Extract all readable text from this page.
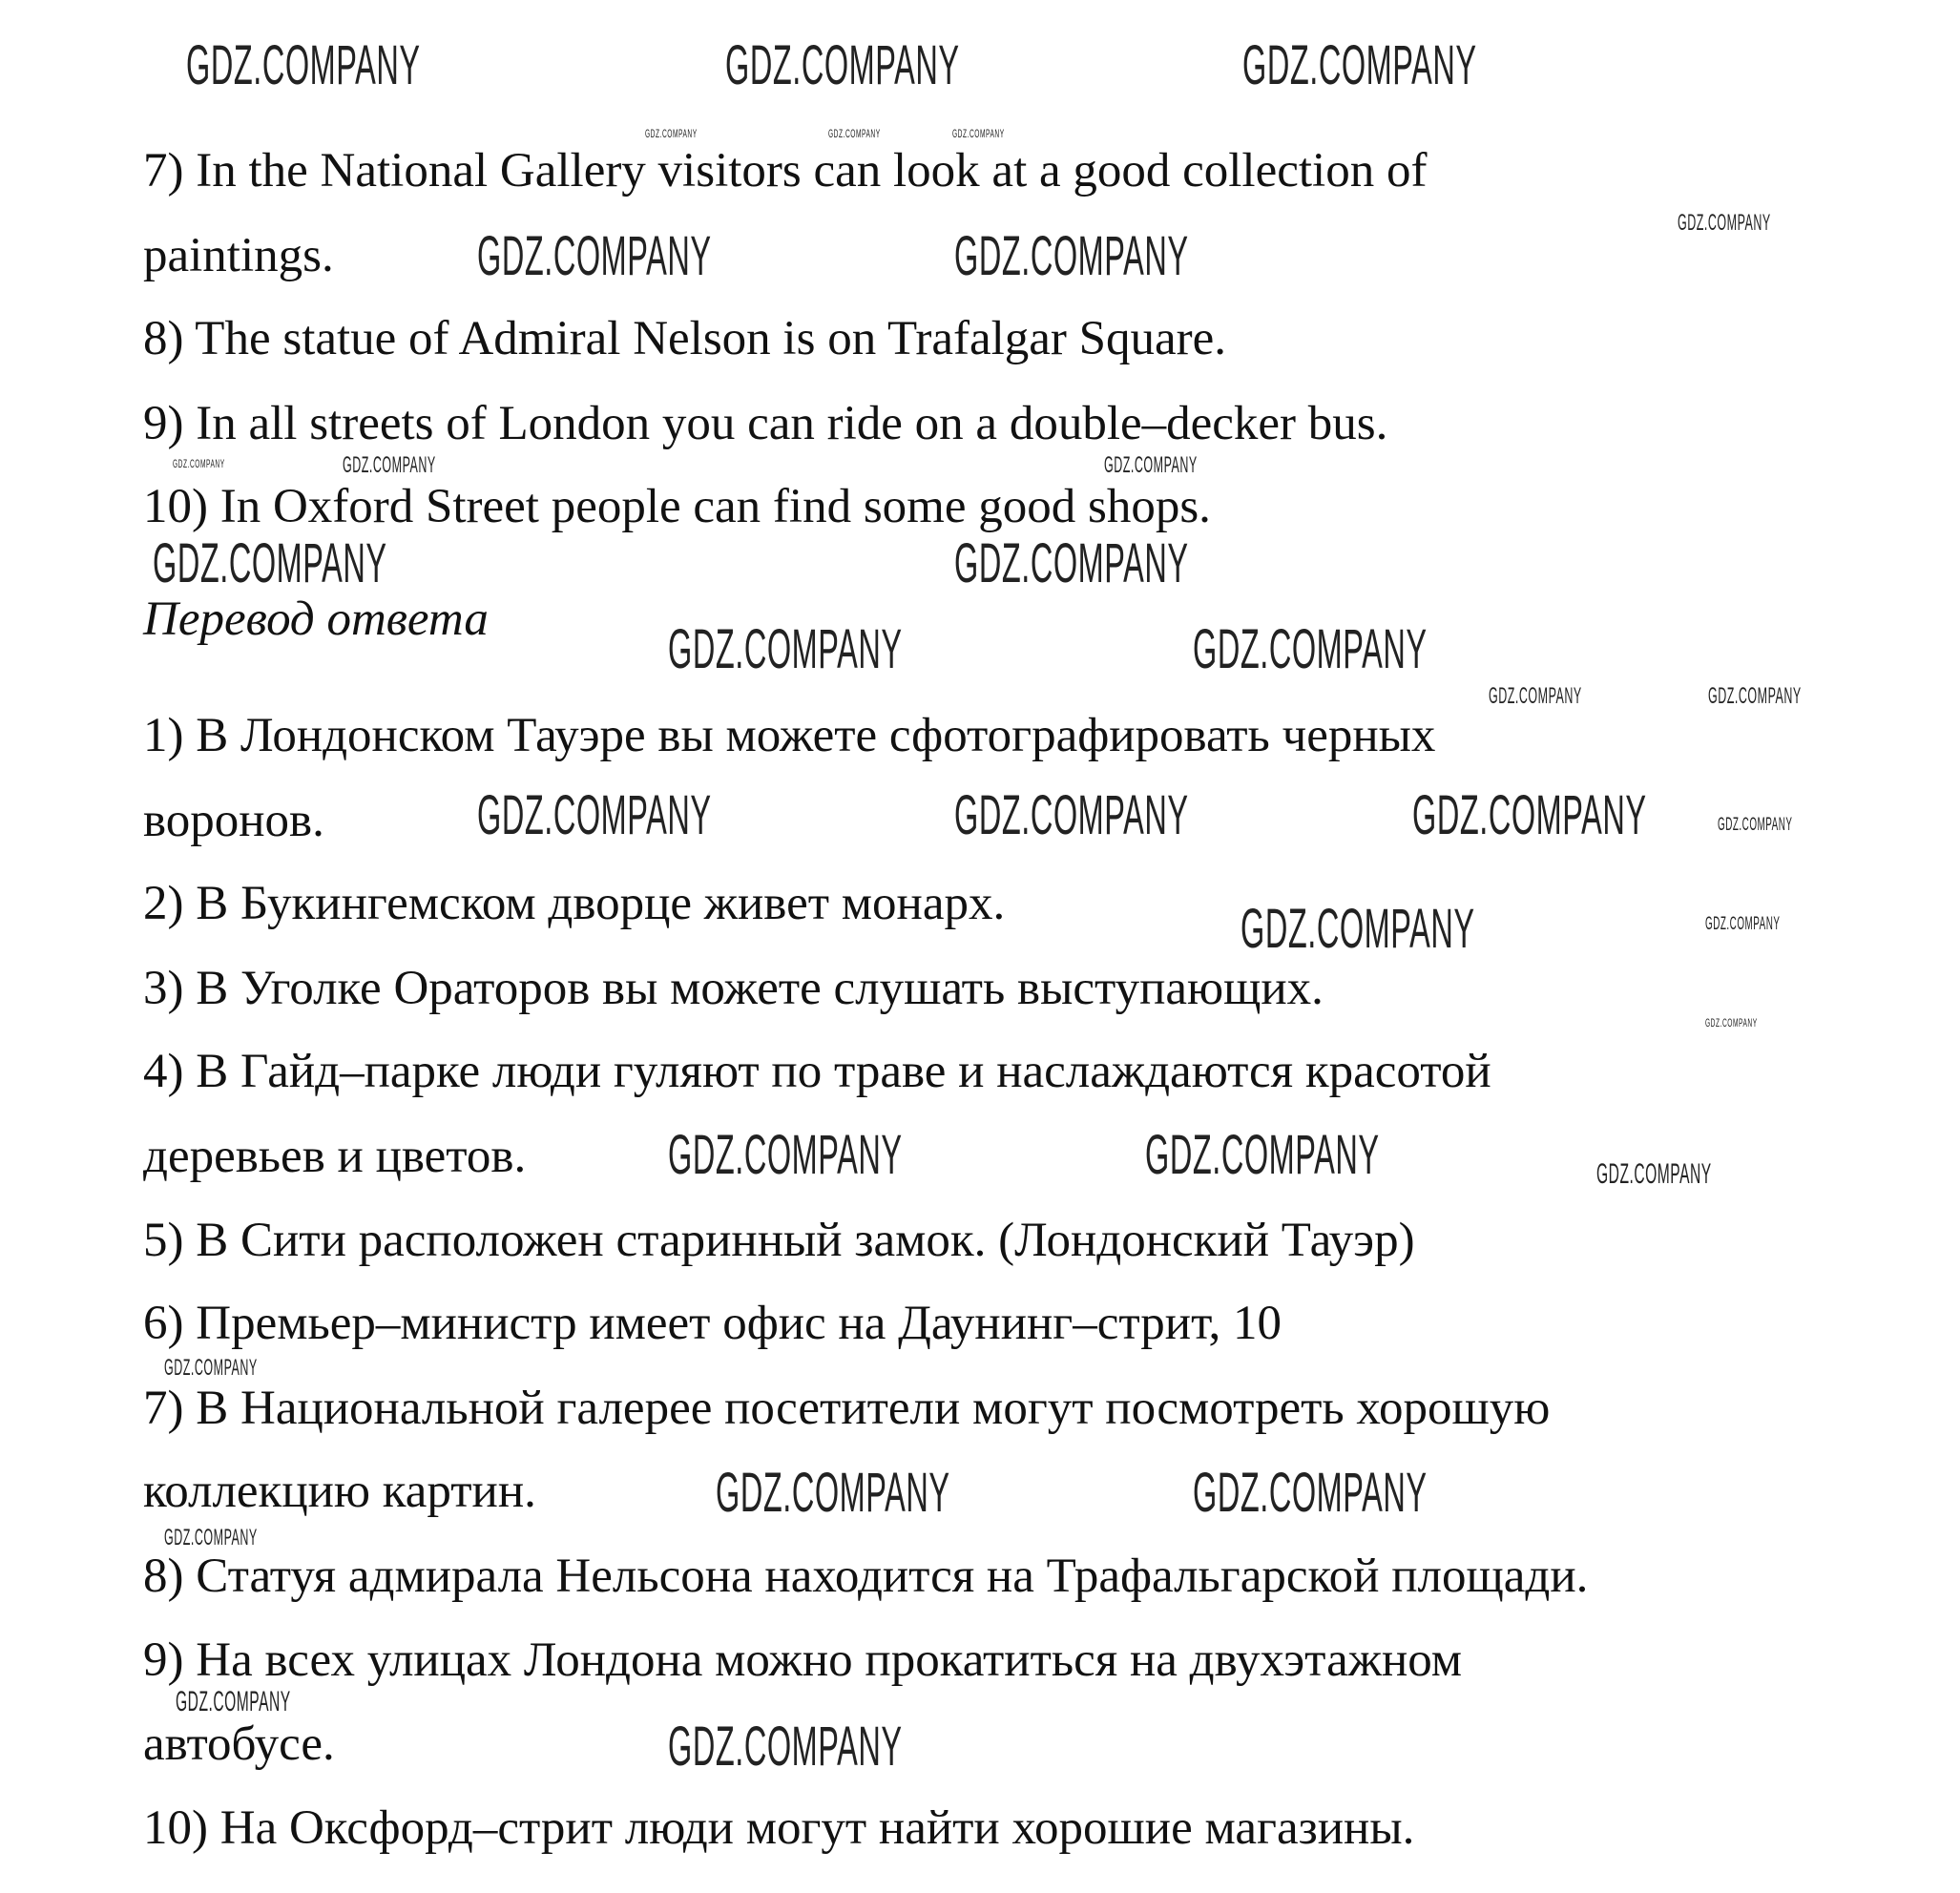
7) In the National Gallery visitors can look at a good collection of
paintings.
8) The statue of Admiral Nelson is on Trafalgar Square.
9) In all streets of London you can ride on a double–decker bus.
10) In Oxford Street people can find some good shops.
Перевод ответа
1) В Лондонском Тауэре вы можете сфотографировать черных
воронов.
2) В Букингемском дворце живет монарх.
3) В Уголке Ораторов вы можете слушать выступающих.
4) В Гайд–парке люди гуляют по траве и наслаждаются красотой
деревьев и цветов.
5) В Сити расположен старинный замок. (Лондонский Тауэр)
6) Премьер–министр имеет офис на Даунинг–стрит, 10
7) В Национальной галерее посетители могут посмотреть хорошую
коллекцию картин.
8) Статуя адмирала Нельсона находится на Трафальгарской площади.
9) На всех улицах Лондона можно прокатиться на двухэтажном
автобусе.
10) На Оксфорд–стрит люди могут найти хорошие магазины.
GDZ.COMPANY	GDZ.COMPANY	GDZ.COMPANY
GDZ.COMPANY	GDZ.COMPANY
GDZ.COMPANY	GDZ.COMPANY
GDZ.COMPANY	GDZ.COMPANY
GDZ.COMPANY	GDZ.COMPANY	GDZ.COMPANY
GDZ.COMPANY
GDZ.COMPANY	GDZ.COMPANY
GDZ.COMPANY	GDZ.COMPANY
GDZ.COMPANY
GDZ.COMPANY
GDZ.COMPANY
GDZ.COMPANY
GDZ.COMPANY	GDZ.COMPANY
GDZ.COMPANY	GDZ.COMPANY
GDZ.COMPANY
GDZ.COMPANY
GDZ.COMPANY
GDZ.COMPANY
GDZ.COMPANY	GDZ.COMPANY	GDZ.COMPANY
GDZ.COMPANY
GDZ.COMPANY
